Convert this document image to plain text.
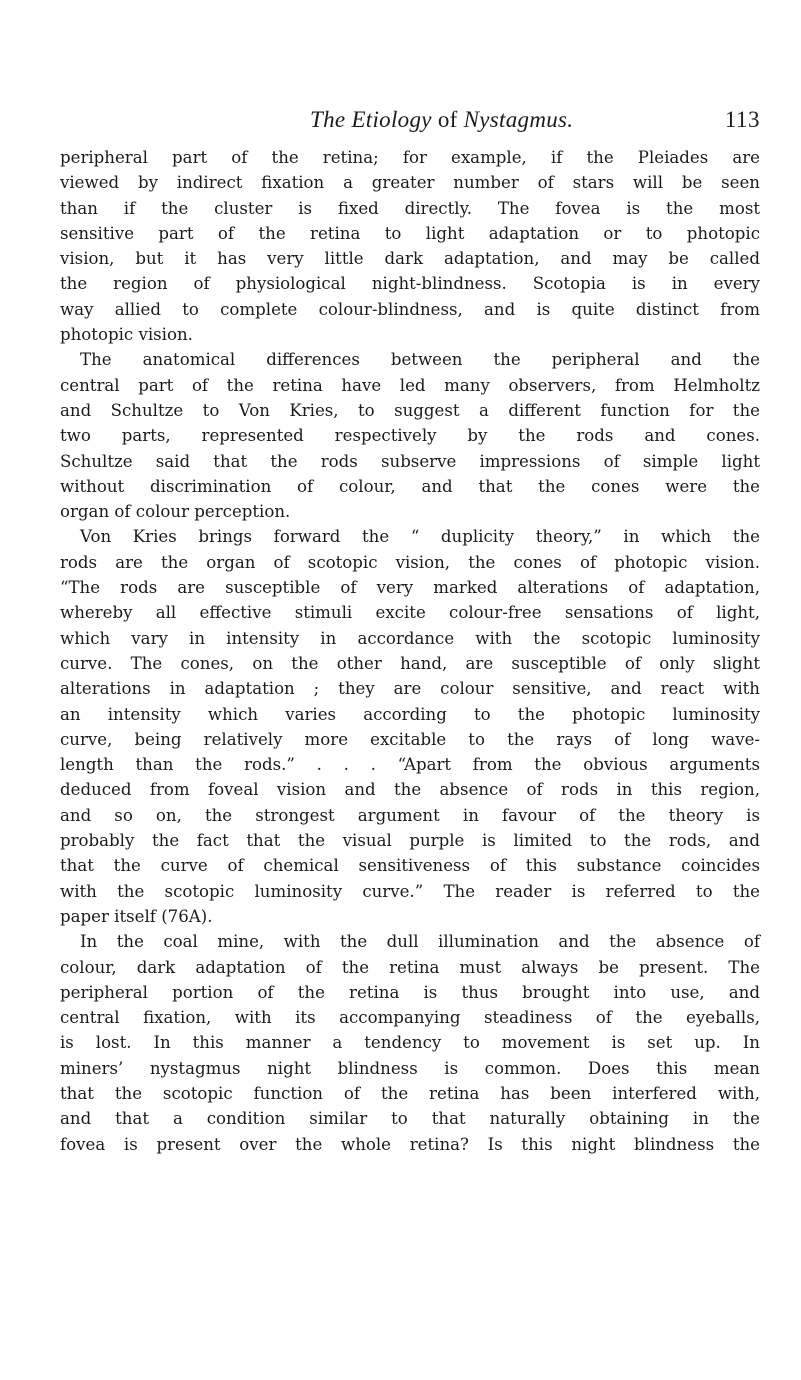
The Etiology of Nystagmus.	113
peripheral part of the retina; for example, if the Pleiades are
viewed by indirect fixation a greater number of stars will be seen
than if the cluster is fixed directly. The fovea is the most
sensitive part of the retina to light adaptation or to photopic
vision, but it has very little dark adaptation, and may be called
the region of physiological night-blindness. Scotopia is in every
way allied to complete colour-blindness, and is quite distinct from
photopic vision.
The anatomical differences between the peripheral and the
central part of the retina have led many observers, from Helmholtz
and Schultze to Von Kries, to suggest a different function for the
two parts, represented respectively by the rods and cones.
Schultze said that the rods subserve impressions of simple light
without discrimination of colour, and that the cones were the
organ of colour perception.
Von Kries brings forward the “ duplicity theory,” in which the
rods are the organ of scotopic vision, the cones of photopic vision.
“The rods are susceptible of very marked alterations of adaptation,
whereby all effective stimuli excite colour-free sensations of light,
which vary in intensity in accordance with the scotopic luminosity
curve. The cones, on the other hand, are susceptible of only slight
alterations in adaptation ; they are colour sensitive, and react with
an intensity which varies according to the photopic luminosity
curve, being relatively more excitable to the rays of long wave-
length than the rods.” . . . “Apart from the obvious arguments
deduced from foveal vision and the absence of rods in this region,
and so on, the strongest argument in favour of the theory is
probably the fact that the visual purple is limited to the rods, and
that the curve of chemical sensitiveness of this substance coincides
with the scotopic luminosity curve.” The reader is referred to the
paper itself (76A).
In the coal mine, with the dull illumination and the absence of
colour, dark adaptation of the retina must always be present. The
peripheral portion of the retina is thus brought into use, and
central fixation, with its accompanying steadiness of the eyeballs,
is lost. In this manner a tendency to movement is set up. In
miners’ nystagmus night blindness is common. Does this mean
that the scotopic function of the retina has been interfered with,
and that a condition similar to that naturally obtaining in the
fovea is present over the whole retina? Is this night blindness the
